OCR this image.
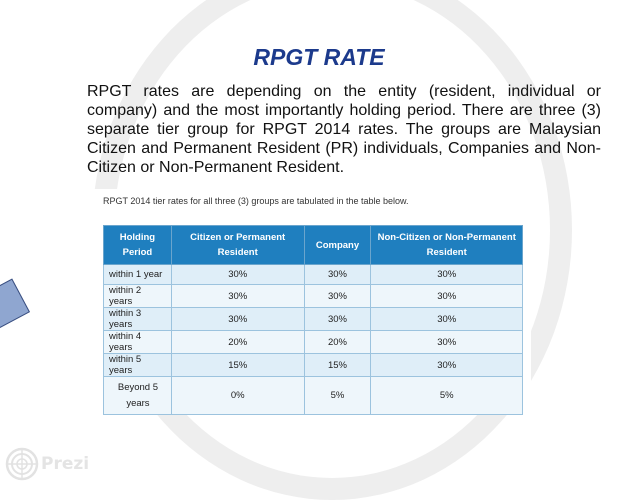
RPGT RATE
RPGT rates are depending on the entity (resident, individual or company) and the most importantly holding period. There are three (3) separate tier group for RPGT 2014 rates. The groups are Malaysian Citizen and Permanent Resident (PR) individuals, Companies and Non-Citizen or Non-Permanent Resident.
RPGT 2014 tier rates for all three (3) groups are tabulated in the table below.
Holding Period	Citizen or Permanent Resident	Company	Non-Citizen or Non-Permanent Resident
within 1 year	30%	30%	30%
within 2 years	30%	30%	30%
within 3 years	30%	30%	30%
within 4 years	20%	20%	30%
within 5 years	15%	15%	30%
Beyond 5 years	0%	5%	5%
Prezi
